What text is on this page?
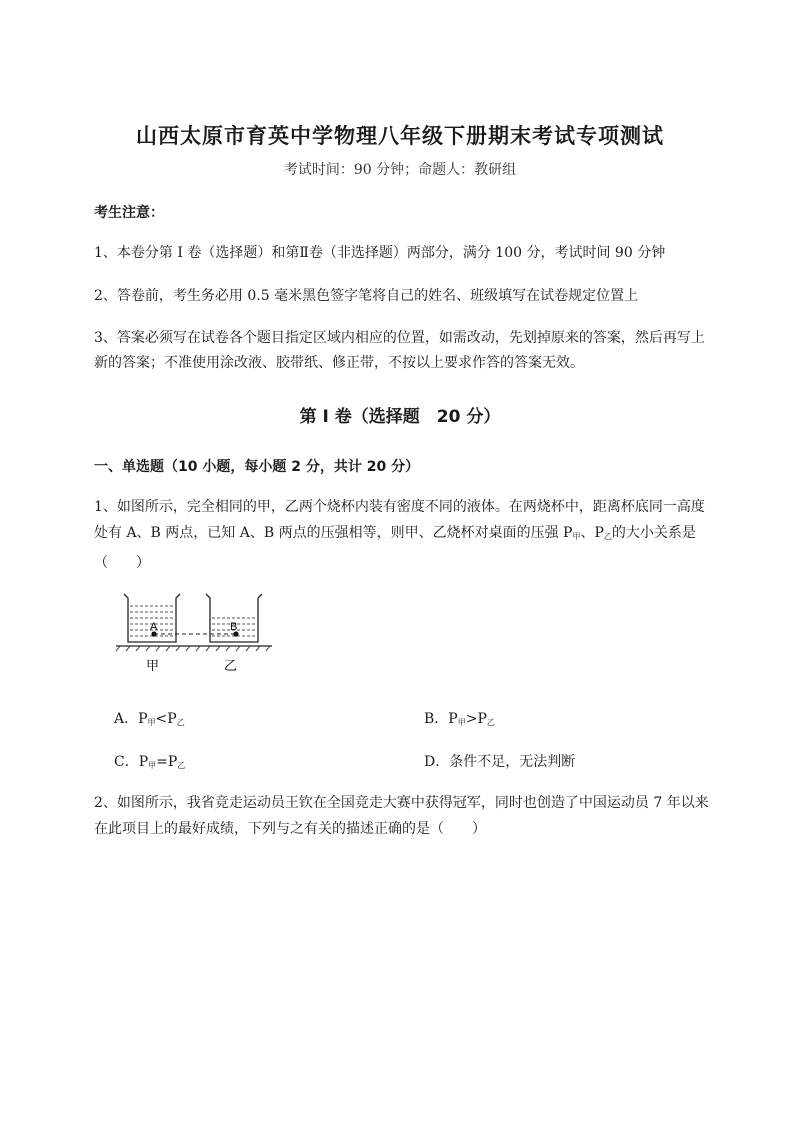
山西太原市育英中学物理八年级下册期末考试专项测试
考试时间：90 分钟；命题人：教研组
考生注意：
1、本卷分第 I 卷（选择题）和第Ⅱ卷（非选择题）两部分，满分 100 分，考试时间 90 分钟
2、答卷前，考生务必用 0.5 毫米黑色签字笔将自己的姓名、班级填写在试卷规定位置上
3、答案必须写在试卷各个题目指定区域内相应的位置，如需改动，先划掉原来的答案，然后再写上新的答案；不准使用涂改液、胶带纸、修正带，不按以上要求作答的答案无效。
第 I 卷（选择题　20 分）
一、单选题（10 小题，每小题 2 分，共计 20 分）
1、如图所示，完全相同的甲，乙两个烧杯内装有密度不同的液体。在两烧杯中，距离杯底同一高度处有 A、B 两点，已知 A、B 两点的压强相等，则甲、乙烧杯对桌面的压强 $P_甲$、$P_乙$的大小关系是（　　）
A	B
甲	乙
A．$P_甲<P_乙$	B．$P_甲>P_乙$
C．$P_甲=P_乙$	D．条件不足，无法判断
2、如图所示，我省竞走运动员王钦在全国竞走大赛中获得冠军，同时也创造了中国运动员 7 年以来在此项目上的最好成绩，下列与之有关的描述正确的是（　　）
